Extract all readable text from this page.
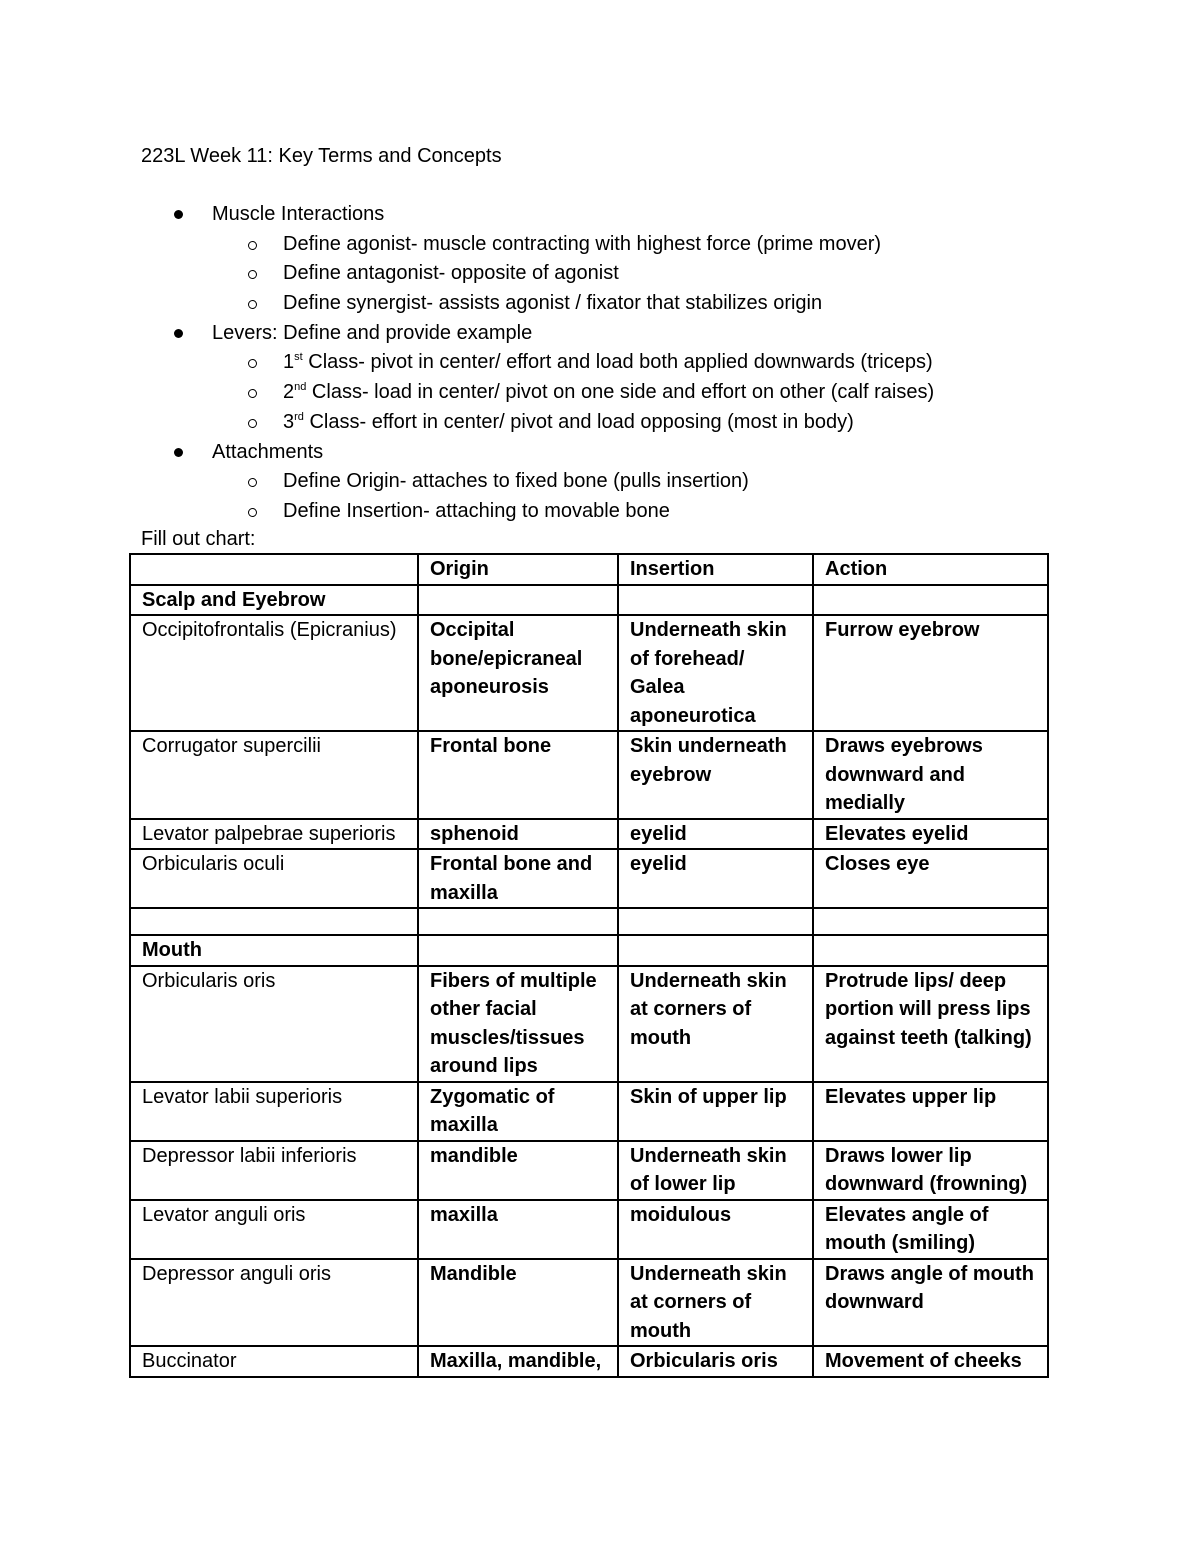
223L Week 11: Key Terms and Concepts
Muscle Interactions
Define agonist- muscle contracting with highest force (prime mover)
Define antagonist- opposite of agonist
Define synergist- assists agonist / fixator that stabilizes origin
Levers: Define and provide example
1st Class- pivot in center/ effort and load both applied downwards (triceps)
2nd Class- load in center/ pivot on one side and effort on other (calf raises)
3rd Class- effort in center/ pivot and load opposing (most in body)
Attachments
Define Origin- attaches to fixed bone (pulls insertion)
Define Insertion- attaching to movable bone
Fill out chart:
	Origin	Insertion	Action
Scalp and Eyebrow			
Occipitofrontalis (Epicranius)	Occipital bone/epicraneal aponeurosis	Underneath skin of forehead/ Galea aponeurotica	Furrow eyebrow
Corrugator supercilii	Frontal bone	Skin underneath eyebrow	Draws eyebrows downward and medially
Levator palpebrae superioris	sphenoid	eyelid	Elevates eyelid
Orbicularis oculi	Frontal bone and maxilla	eyelid	Closes eye

Mouth			
Orbicularis oris	Fibers of multiple other facial muscles/tissues around lips	Underneath skin at corners of mouth	Protrude lips/ deep portion will press lips against teeth (talking)
Levator labii superioris	Zygomatic of maxilla	Skin of upper lip	Elevates upper lip
Depressor labii inferioris	mandible	Underneath skin of lower lip	Draws lower lip downward (frowning)
Levator anguli oris	maxilla	moidulous	Elevates angle of mouth (smiling)
Depressor anguli oris	Mandible	Underneath skin at corners of mouth	Draws angle of mouth downward
Buccinator	Maxilla, mandible,	Orbicularis oris	Movement of cheeks
